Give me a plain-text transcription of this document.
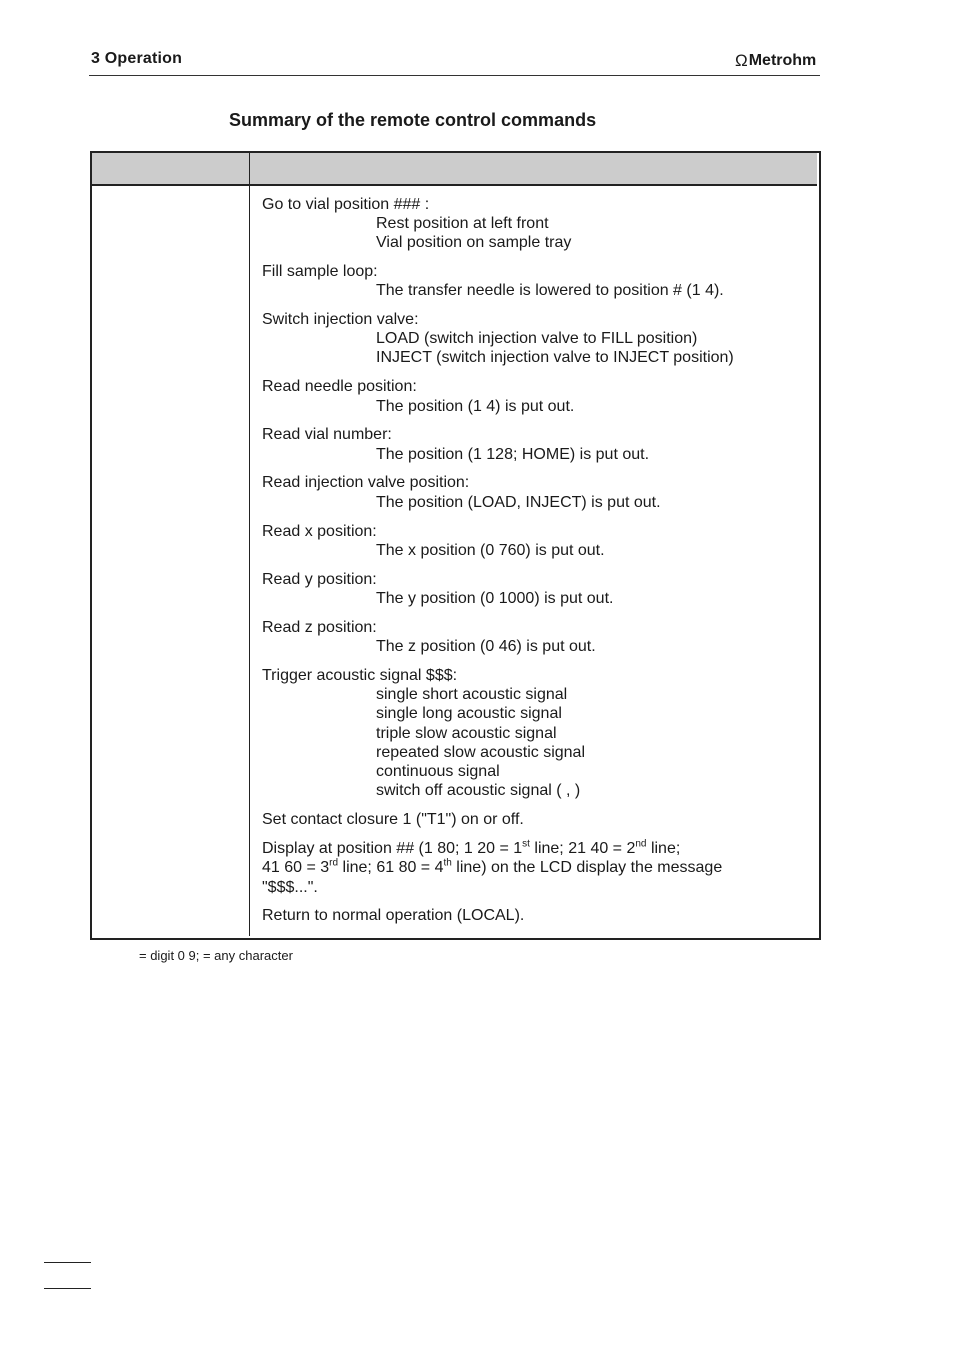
3 Operation	Ω Metrohm
Summary of the remote control commands
Go to vial position ### :
Rest position at left front
Vial position on sample tray
Fill sample loop:
The transfer needle is lowered to position # (1 4).
Switch injection valve:
LOAD (switch injection valve to FILL position)
INJECT (switch injection valve to INJECT position)
Read needle position:
The position (1 4) is put out.
Read vial number:
The position (1 128; HOME) is put out.
Read injection valve position:
The position (LOAD, INJECT) is put out.
Read x position:
The x position (0 760) is put out.
Read y position:
The y position (0 1000) is put out.
Read z position:
The z position (0 46) is put out.
Trigger acoustic signal $$$:
single short acoustic signal
single long acoustic signal
triple slow acoustic signal
repeated slow acoustic signal
continuous signal
switch off acoustic signal ( , )
Set contact closure 1 ("T1") on or off.
Display at position ## (1 80; 1 20 = 1st line; 21 40 = 2nd line;
41 60 = 3rd line; 61 80 = 4th line) on the LCD display the message
"$$$...".
Return to normal operation (LOCAL).
= digit 0 9; = any character
